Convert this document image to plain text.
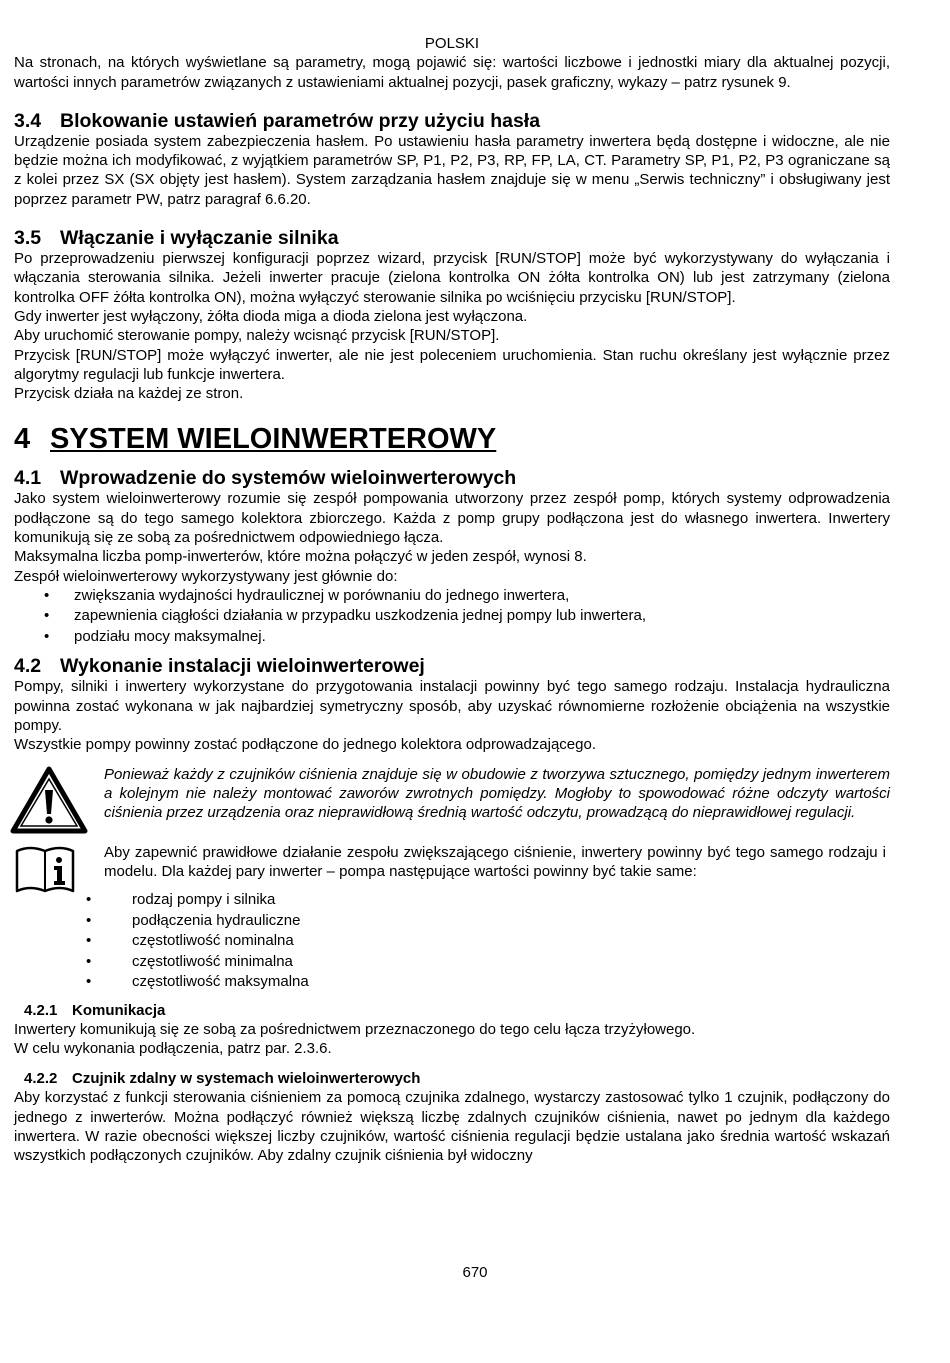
POLSKI

Na stronach, na których wyświetlane są parametry, mogą pojawić się: wartości liczbowe i jednostki miary dla aktualnej pozycji, wartości innych parametrów związanych z ustawieniami aktualnej pozycji, pasek graficzny, wykazy – patrz rysunek 9.

3.4 Blokowanie ustawień parametrów przy użyciu hasła

Urządzenie posiada system zabezpieczenia hasłem. Po ustawieniu hasła parametry inwertera będą dostępne i widoczne, ale nie będzie można ich modyfikować, z wyjątkiem parametrów SP, P1, P2, P3, RP, FP, LA, CT. Parametry SP, P1, P2, P3 ograniczane są z kolei przez SX (SX objęty jest hasłem). System zarządzania hasłem znajduje się w menu „Serwis techniczny” i obsługiwany jest poprzez parametr PW, patrz paragraf 6.6.20.

3.5 Włączanie i wyłączanie silnika

Po przeprowadzeniu pierwszej konfiguracji poprzez wizard, przycisk [RUN/STOP] może być wykorzystywany do wyłączania i włączania sterowania silnika. Jeżeli inwerter pracuje (zielona kontrolka ON żółta kontrolka ON) lub jest zatrzymany (zielona kontrolka OFF żółta kontrolka ON), można wyłączyć sterowanie silnika po wciśnięciu przycisku [RUN/STOP].

Gdy inwerter jest wyłączony, żółta dioda miga a dioda zielona jest wyłączona.

Aby uruchomić sterowanie pompy, należy wcisnąć przycisk [RUN/STOP].

Przycisk [RUN/STOP] może wyłączyć inwerter, ale nie jest poleceniem uruchomienia. Stan ruchu określany jest wyłącznie przez algorytmy regulacji lub funkcje inwertera.

Przycisk działa na każdej ze stron.

4 SYSTEM WIELOINWERTEROWY
4.1 Wprowadzenie do systemów wieloinwerterowych

Jako system wieloinwerterowy rozumie się zespół pompowania utworzony przez zespół pomp, których systemy odprowadzenia podłączone są do tego samego kolektora zbiorczego. Każda z pomp grupy podłączona jest do własnego inwertera. Inwertery komunikują się ze sobą za pośrednictwem odpowiedniego łącza.

Maksymalna liczba pomp-inwerterów, które można połączyć w jeden zespół, wynosi 8.

Zespół wieloinwerterowy wykorzystywany jest głównie do:

• zwiększania wydajności hydraulicznej w porównaniu do jednego inwertera,
• zapewnienia ciągłości działania w przypadku uszkodzenia jednej pompy lub inwertera,
• podziału mocy maksymalnej.
4.2 Wykonanie instalacji wieloinwerterowej

Pompy, silniki i inwertery wykorzystane do przygotowania instalacji powinny być tego samego rodzaju. Instalacja hydrauliczna powinna zostać wykonana w jak najbardziej symetryczny sposób, aby uzyskać równomierne rozłożenie obciążenia na wszystkie pompy.

Wszystkie pompy powinny zostać podłączone do jednego kolektora odprowadzającego.

Ponieważ każdy z czujników ciśnienia znajduje się w obudowie z tworzywa sztucznego, pomiędzy jednym inwerterem a kolejnym nie należy montować zaworów zwrotnych pomiędzy. Mogłoby to spowodować różne odczyty wartości ciśnienia przez urządzenia oraz nieprawidłową średnią wartość odczytu, prowadzącą do nieprawidłowej regulacji.

Aby zapewnić prawidłowe działanie zespołu zwiększającego ciśnienie, inwertery powinny być tego samego rodzaju i modelu. Dla każdej pary inwerter – pompa następujące wartości powinny być takie same:

• rodzaj pompy i silnika
• podłączenia hydrauliczne
• częstotliwość nominalna
• częstotliwość minimalna
• częstotliwość maksymalna
4.2.1 Komunikacja

Inwertery komunikują się ze sobą za pośrednictwem przeznaczonego do tego celu łącza trzyżyłowego.

W celu wykonania podłączenia, patrz par. 2.3.6.

4.2.2 Czujnik zdalny w systemach wieloinwerterowych

Aby korzystać z funkcji sterowania ciśnieniem za pomocą czujnika zdalnego, wystarczy zastosować tylko 1 czujnik, podłączony do jednego z inwerterów. Można podłączyć również większą liczbę zdalnych czujników ciśnienia, nawet po jednym dla każdego inwertera. W razie obecności większej liczby czujników, wartość ciśnienia regulacji będzie ustalana jako średnia wartość wskazań wszystkich podłączonych czujników. Aby zdalny czujnik ciśnienia był widoczny

670
